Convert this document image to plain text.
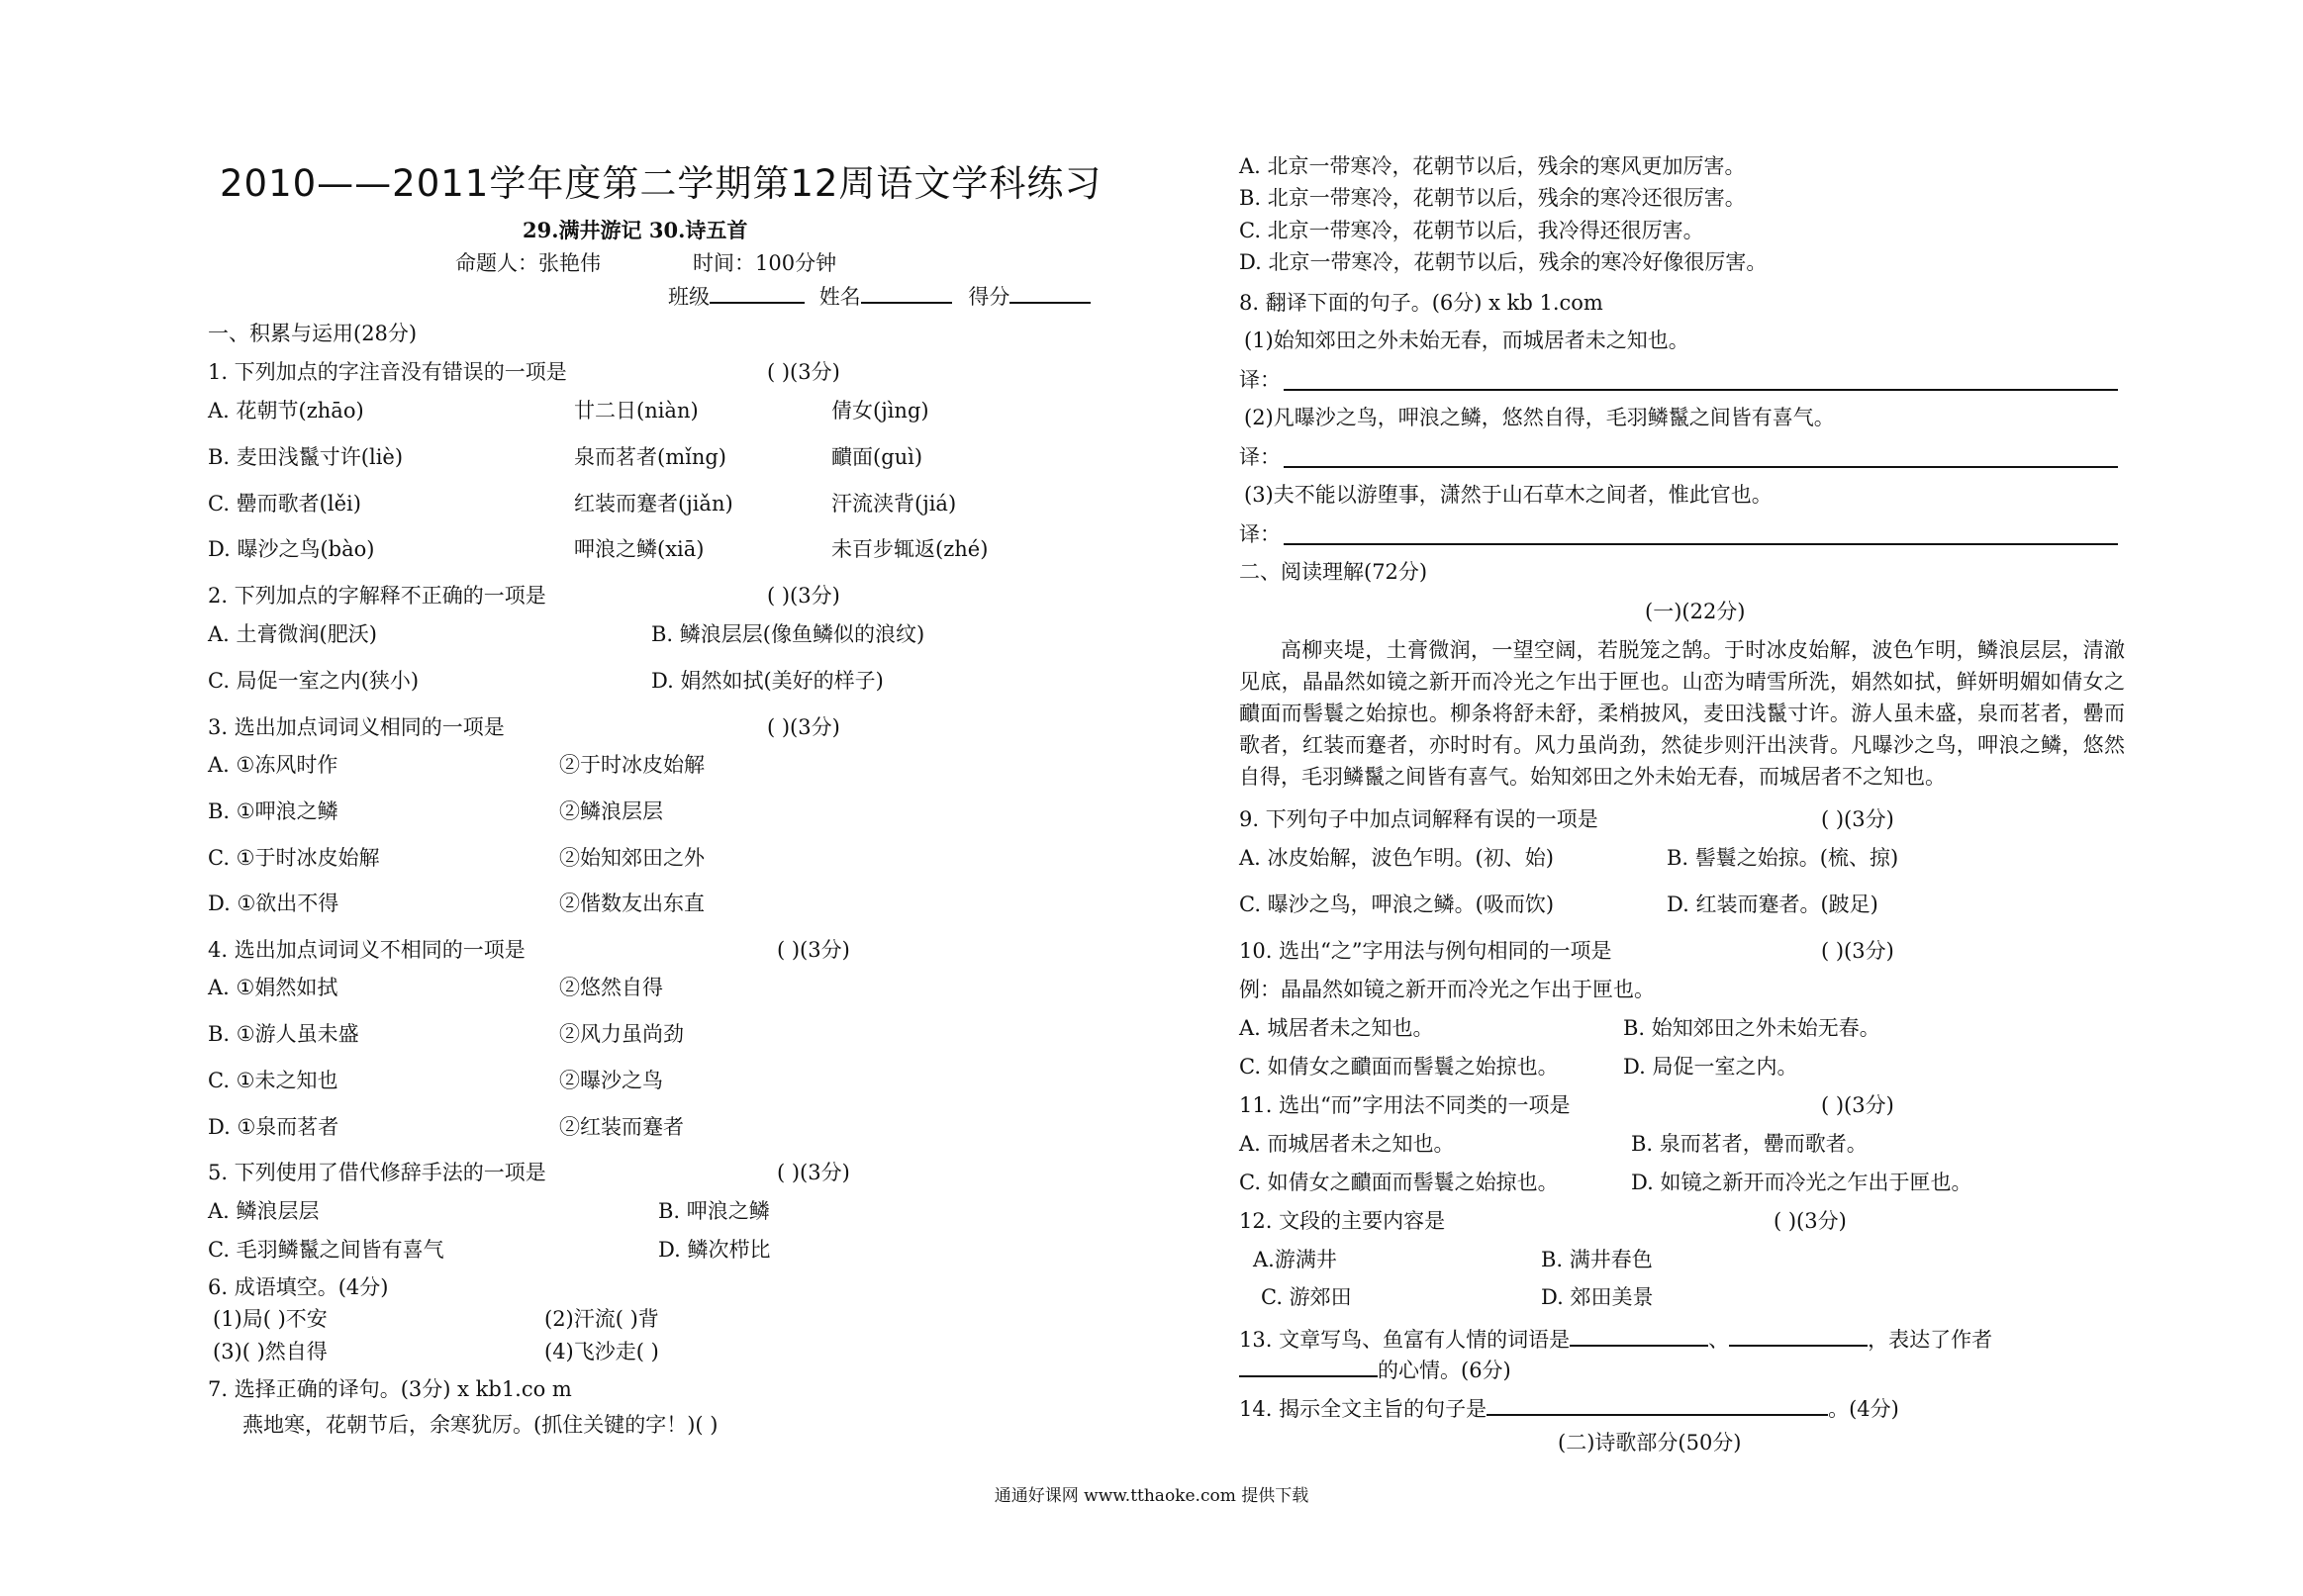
2010——2011学年度第二学期第12周语文学科练习
29.满井游记 30.诗五首
命题人：张艳伟	时间：100分钟
班级	姓名	得分
一、积累与运用(28分)
1. 下列加点的字注音没有错误的一项是	( )(3分)
A. 花朝节(zhāo)	廿二日(niàn)	倩女(jìng)
B. 麦田浅鬣寸许(liè)	泉而茗者(mǐng)	靧面(guì)
C. 罍而歌者(lěi)	红装而蹇者(jiǎn)	汗流浃背(jiá)
D. 曝沙之鸟(bào)	呷浪之鳞(xiā)	未百步辄返(zhé)
2. 下列加点的字解释不正确的一项是	( )(3分)
A. 土膏微润(肥沃)	B. 鳞浪层层(像鱼鳞似的浪纹)
C. 局促一室之内(狭小)	D. 娟然如拭(美好的样子)
3. 选出加点词词义相同的一项是	( )(3分)
A. ①冻风时作	②于时冰皮始解
B. ①呷浪之鳞	②鳞浪层层
C. ①于时冰皮始解	②始知郊田之外
D. ①欲出不得	②偕数友出东直
4. 选出加点词词义不相同的一项是	( )(3分)
A. ①娟然如拭	②悠然自得
B. ①游人虽未盛	②风力虽尚劲
C. ①未之知也	②曝沙之鸟
D. ①泉而茗者	②红装而蹇者
5. 下列使用了借代修辞手法的一项是	( )(3分)
A. 鳞浪层层	B. 呷浪之鳞
C. 毛羽鳞鬣之间皆有喜气	D. 鳞次栉比
6. 成语填空。(4分)
(1)局( )不安	(2)汗流( )背
(3)( )然自得	(4)飞沙走( )
7. 选择正确的译句。(3分) x kb1.co m
燕地寒，花朝节后，余寒犹厉。(抓住关键的字！)( )
A. 北京一带寒冷，花朝节以后，残余的寒风更加厉害。
B. 北京一带寒冷，花朝节以后，残余的寒冷还很厉害。
C. 北京一带寒冷，花朝节以后，我冷得还很厉害。
D. 北京一带寒冷，花朝节以后，残余的寒冷好像很厉害。
8. 翻译下面的句子。(6分) x kb 1.com
(1)始知郊田之外未始无春，而城居者未之知也。
译：
(2)凡曝沙之鸟，呷浪之鳞，悠然自得，毛羽鳞鬣之间皆有喜气。
译：
(3)夫不能以游堕事，潇然于山石草木之间者，惟此官也。
译：
二、阅读理解(72分)
(一)(22分)
高柳夹堤，土膏微润，一望空阔，若脱笼之鹄。于时冰皮始解，波色乍明，鳞浪层层，清澈见底，晶晶然如镜之新开而冷光之乍出于匣也。山峦为晴雪所洗，娟然如拭，鲜妍明媚如倩女之靧面而髻鬟之始掠也。柳条将舒未舒，柔梢披风，麦田浅鬣寸许。游人虽未盛，泉而茗者，罍而歌者，红装而蹇者，亦时时有。风力虽尚劲，然徒步则汗出浃背。凡曝沙之鸟，呷浪之鳞，悠然自得，毛羽鳞鬣之间皆有喜气。始知郊田之外未始无春，而城居者不之知也。
9. 下列句子中加点词解释有误的一项是	( )(3分)
A. 冰皮始解，波色乍明。(初、始)	B. 髻鬟之始掠。(梳、掠)
C. 曝沙之鸟，呷浪之鳞。(吸而饮)	D. 红装而蹇者。(跛足)
10. 选出“之”字用法与例句相同的一项是	( )(3分)
例：晶晶然如镜之新开而冷光之乍出于匣也。
A. 城居者未之知也。	B. 始知郊田之外未始无春。
C. 如倩女之靧面而髻鬟之始掠也。	D. 局促一室之内。
11. 选出“而”字用法不同类的一项是	( )(3分)
A. 而城居者未之知也。	B. 泉而茗者，罍而歌者。
C. 如倩女之靧面而髻鬟之始掠也。	D. 如镜之新开而冷光之乍出于匣也。
12. 文段的主要内容是	( )(3分)
A.游满井	B. 满井春色
C. 游郊田	D. 郊田美景
13. 文章写鸟、鱼富有人情的词语是	、	，表达了作者
的心情。(6分)
14. 揭示全文主旨的句子是	。(4分)
(二)诗歌部分(50分)
通通好课网 www.tthaoke.com 提供下载
